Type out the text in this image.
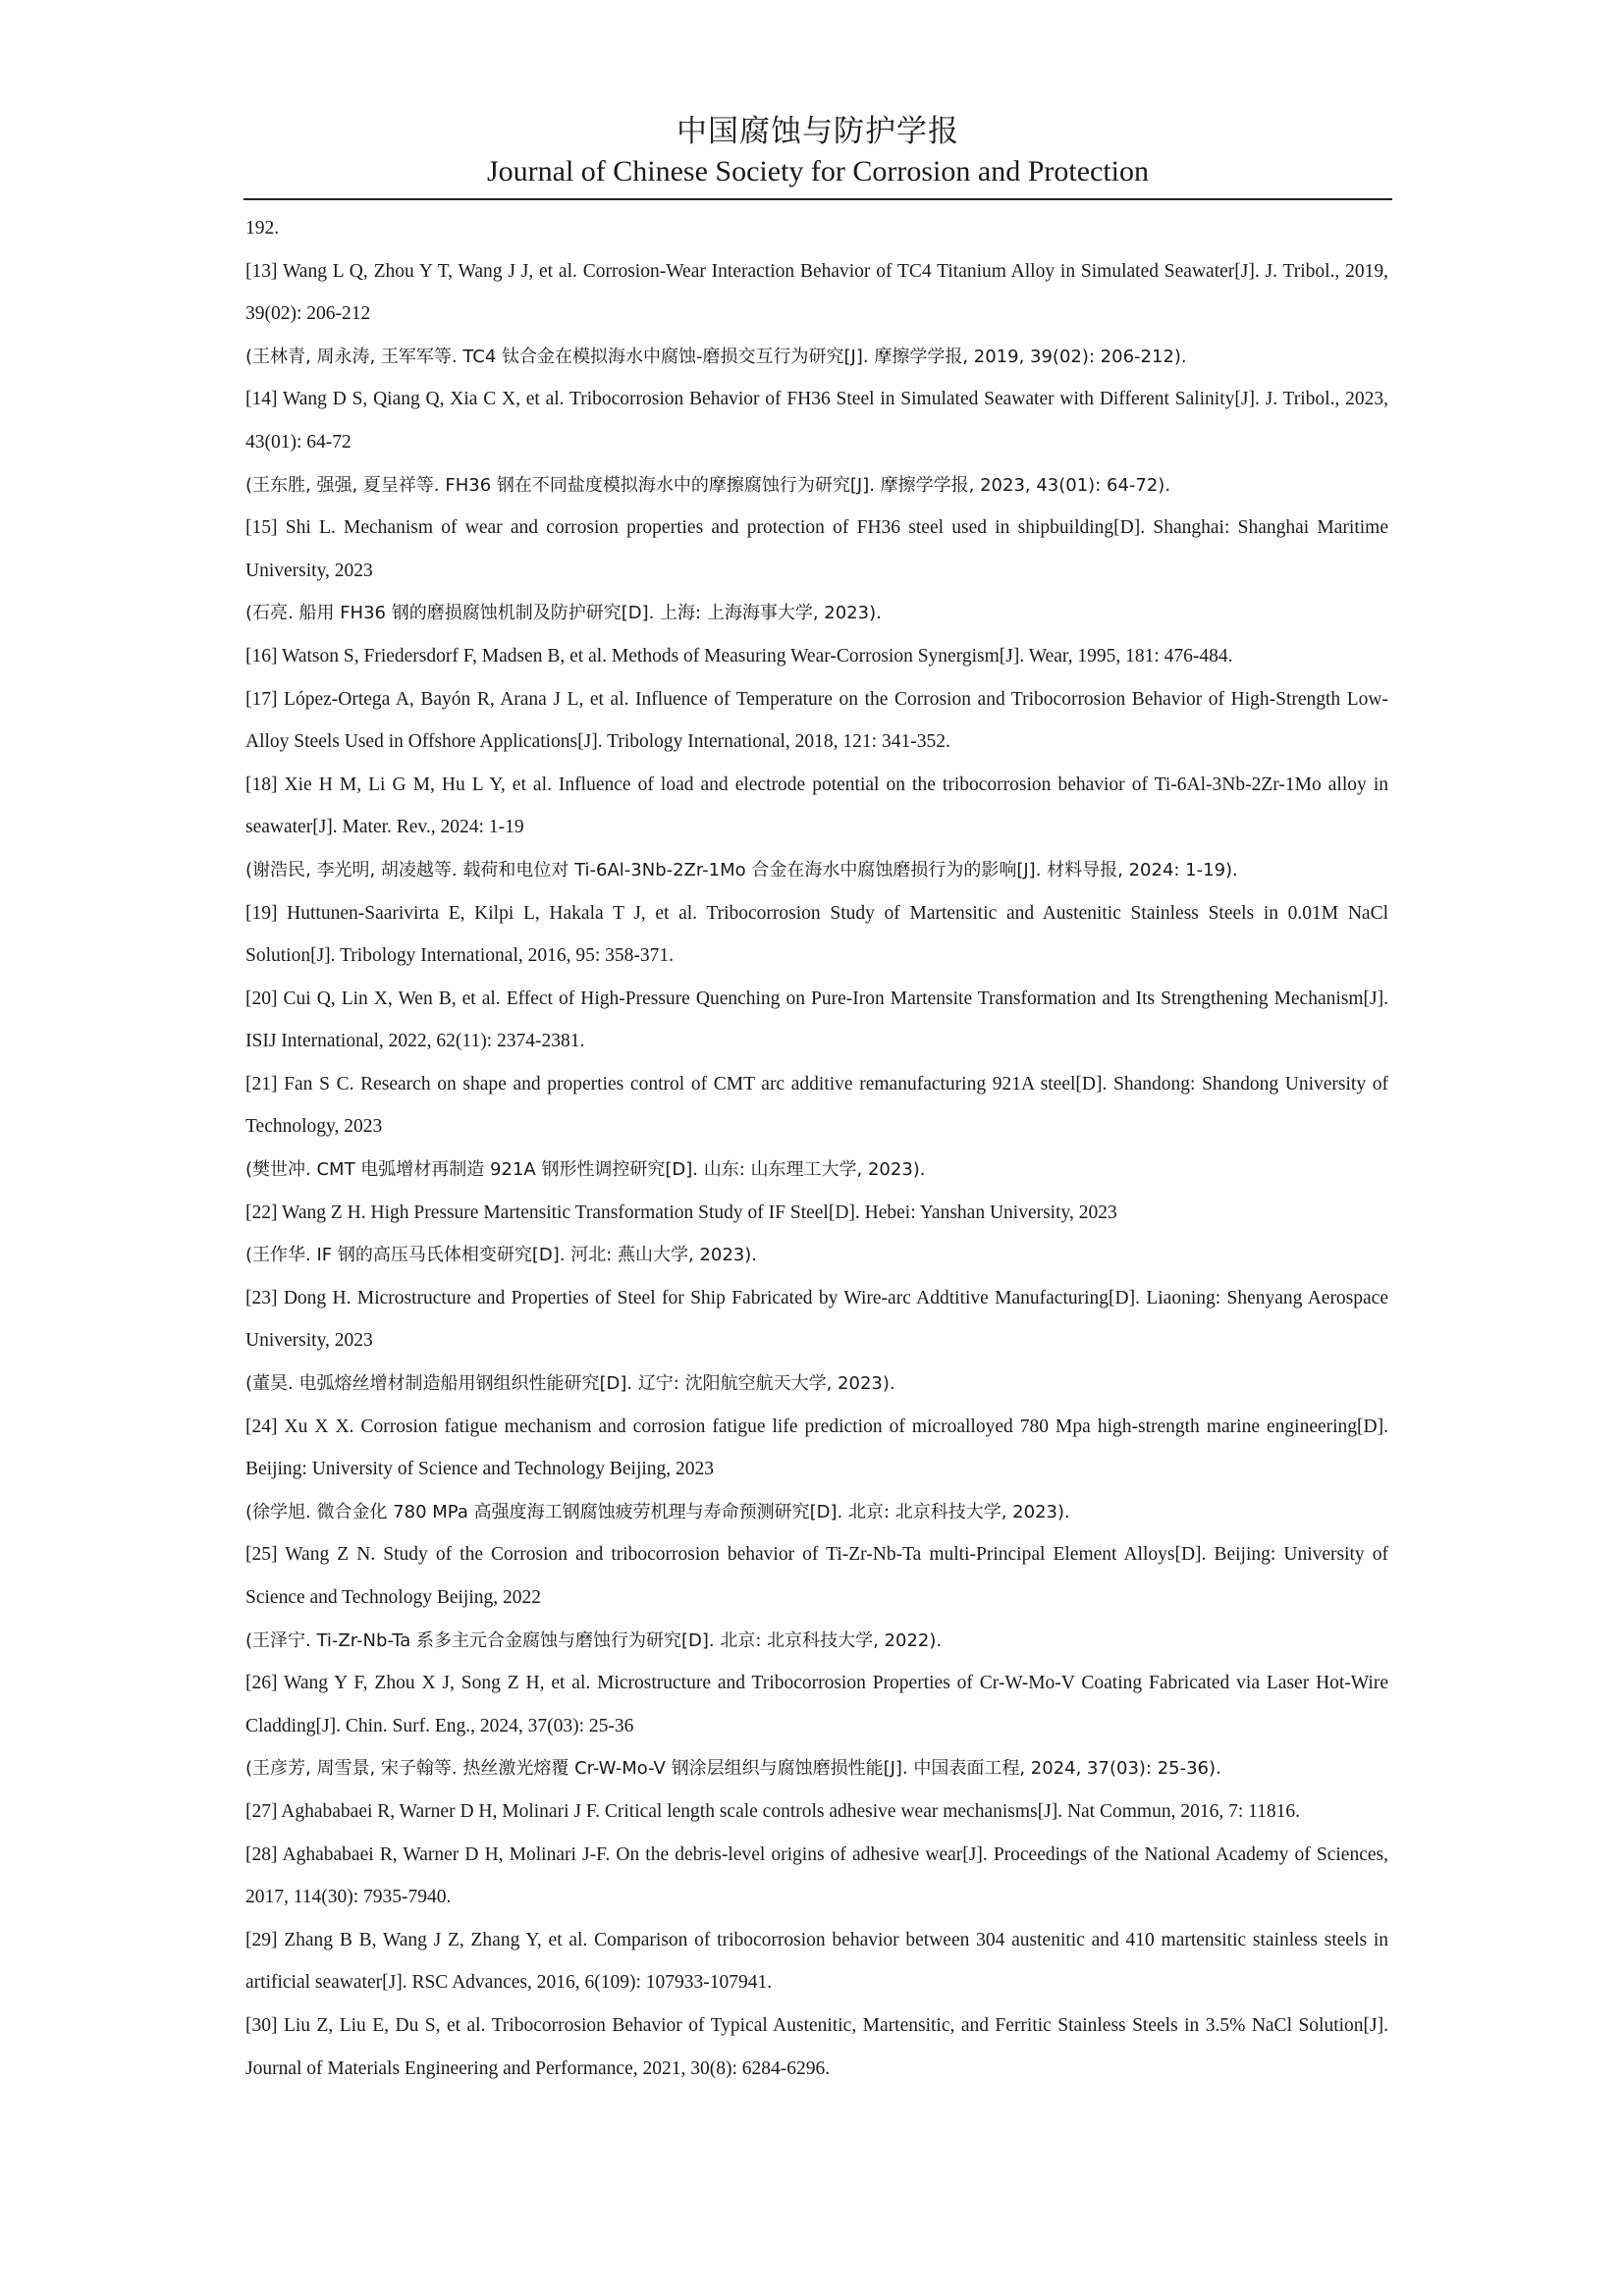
中国腐蚀与防护学报
Journal of Chinese Society for Corrosion and Protection

192.

[13] Wang L Q, Zhou Y T, Wang J J, et al. Corrosion-Wear Interaction Behavior of TC4 Titanium Alloy in Simulated Seawater[J]. J. Tribol., 2019, 39(02): 206-212

(王林青, 周永涛, 王军军等. TC4 钛合金在模拟海水中腐蚀-磨损交互行为研究[J]. 摩擦学学报, 2019, 39(02): 206-212).

[14] Wang D S, Qiang Q, Xia C X, et al. Tribocorrosion Behavior of FH36 Steel in Simulated Seawater with Different Salinity[J]. J. Tribol., 2023, 43(01): 64-72

(王东胜, 强强, 夏呈祥等. FH36 钢在不同盐度模拟海水中的摩擦腐蚀行为研究[J]. 摩擦学学报, 2023, 43(01): 64-72).

[15] Shi L. Mechanism of wear and corrosion properties and protection of FH36 steel used in shipbuilding[D]. Shanghai: Shanghai Maritime University, 2023

(石亮. 船用 FH36 钢的磨损腐蚀机制及防护研究[D]. 上海: 上海海事大学, 2023).

[16] Watson S, Friedersdorf F, Madsen B, et al. Methods of Measuring Wear-Corrosion Synergism[J]. Wear, 1995, 181: 476-484.

[17] López-Ortega A, Bayón R, Arana J L, et al. Influence of Temperature on the Corrosion and Tribocorrosion Behavior of High-Strength Low-Alloy Steels Used in Offshore Applications[J]. Tribology International, 2018, 121: 341-352.

[18] Xie H M, Li G M, Hu L Y, et al. Influence of load and electrode potential on the tribocorrosion behavior of Ti-6Al-3Nb-2Zr-1Mo alloy in seawater[J]. Mater. Rev., 2024: 1-19

(谢浩民, 李光明, 胡凌越等. 载荷和电位对 Ti-6Al-3Nb-2Zr-1Mo 合金在海水中腐蚀磨损行为的影响[J]. 材料导报, 2024: 1-19).

[19] Huttunen-Saarivirta E, Kilpi L, Hakala T J, et al. Tribocorrosion Study of Martensitic and Austenitic Stainless Steels in 0.01M NaCl Solution[J]. Tribology International, 2016, 95: 358-371.

[20] Cui Q, Lin X, Wen B, et al. Effect of High-Pressure Quenching on Pure-Iron Martensite Transformation and Its Strengthening Mechanism[J]. ISIJ International, 2022, 62(11): 2374-2381.

[21] Fan S C. Research on shape and properties control of CMT arc additive remanufacturing 921A steel[D]. Shandong: Shandong University of Technology, 2023

(樊世冲. CMT 电弧增材再制造 921A 钢形性调控研究[D]. 山东: 山东理工大学, 2023).

[22] Wang Z H. High Pressure Martensitic Transformation Study of IF Steel[D]. Hebei: Yanshan University, 2023

(王作华. IF 钢的高压马氏体相变研究[D]. 河北: 燕山大学, 2023).

[23] Dong H. Microstructure and Properties of Steel for Ship Fabricated by Wire-arc Addtitive Manufacturing[D]. Liaoning: Shenyang Aerospace University, 2023

(董昊. 电弧熔丝增材制造船用钢组织性能研究[D]. 辽宁: 沈阳航空航天大学, 2023).

[24] Xu X X. Corrosion fatigue mechanism and corrosion fatigue life prediction of microalloyed 780 Mpa high-strength marine engineering[D]. Beijing: University of Science and Technology Beijing, 2023

(徐学旭. 微合金化 780 MPa 高强度海工钢腐蚀疲劳机理与寿命预测研究[D]. 北京: 北京科技大学, 2023).

[25] Wang Z N. Study of the Corrosion and tribocorrosion behavior of Ti-Zr-Nb-Ta multi-Principal Element Alloys[D]. Beijing: University of Science and Technology Beijing, 2022

(王泽宁. Ti-Zr-Nb-Ta 系多主元合金腐蚀与磨蚀行为研究[D]. 北京: 北京科技大学, 2022).

[26] Wang Y F, Zhou X J, Song Z H, et al. Microstructure and Tribocorrosion Properties of Cr-W-Mo-V Coating Fabricated via Laser Hot-Wire Cladding[J]. Chin. Surf. Eng., 2024, 37(03): 25-36

(王彦芳, 周雪景, 宋子翰等. 热丝激光熔覆 Cr-W-Mo-V 钢涂层组织与腐蚀磨损性能[J]. 中国表面工程, 2024, 37(03): 25-36).

[27] Aghababaei R, Warner D H, Molinari J F. Critical length scale controls adhesive wear mechanisms[J]. Nat Commun, 2016, 7: 11816.

[28] Aghababaei R, Warner D H, Molinari J-F. On the debris-level origins of adhesive wear[J]. Proceedings of the National Academy of Sciences, 2017, 114(30): 7935-7940.

[29] Zhang B B, Wang J Z, Zhang Y, et al. Comparison of tribocorrosion behavior between 304 austenitic and 410 martensitic stainless steels in artificial seawater[J]. RSC Advances, 2016, 6(109): 107933-107941.

[30] Liu Z, Liu E, Du S, et al. Tribocorrosion Behavior of Typical Austenitic, Martensitic, and Ferritic Stainless Steels in 3.5% NaCl Solution[J]. Journal of Materials Engineering and Performance, 2021, 30(8): 6284-6296.
